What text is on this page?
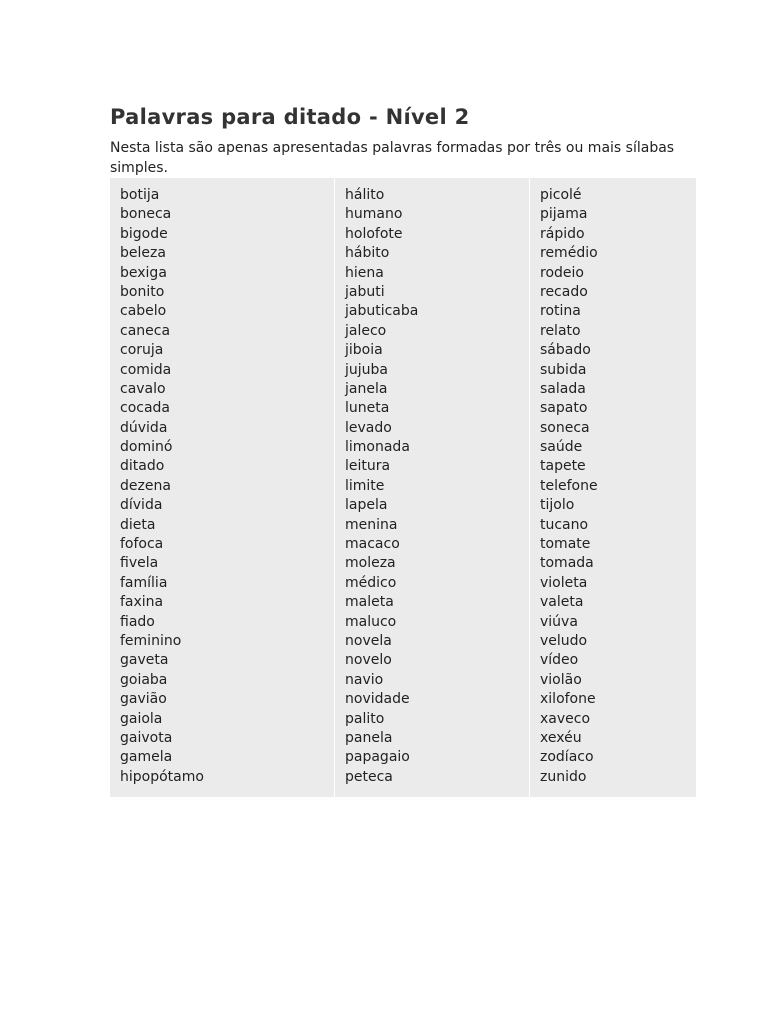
Palavras para ditado - Nível 2

Nesta lista são apenas apresentadas palavras formadas por três ou mais sílabas simples.

botija
boneca
bigode
beleza
bexiga
bonito
cabelo
caneca
coruja
comida
cavalo
cocada
dúvida
dominó
ditado
dezena
dívida
dieta
fofoca
fivela
família
faxina
fiado
feminino
gaveta
goiaba
gavião
gaiola
gaivota
gamela
hipopótamo
hálito
humano
holofote
hábito
hiena
jabuti
jabuticaba
jaleco
jiboia
jujuba
janela
luneta
levado
limonada
leitura
limite
lapela
menina
macaco
moleza
médico
maleta
maluco
novela
novelo
navio
novidade
palito
panela
papagaio
peteca
picolé
pijama
rápido
remédio
rodeio
recado
rotina
relato
sábado
subida
salada
sapato
soneca
saúde
tapete
telefone
tijolo
tucano
tomate
tomada
violeta
valeta
viúva
veludo
vídeo
violão
xilofone
xaveco
xexéu
zodíaco
zunido
